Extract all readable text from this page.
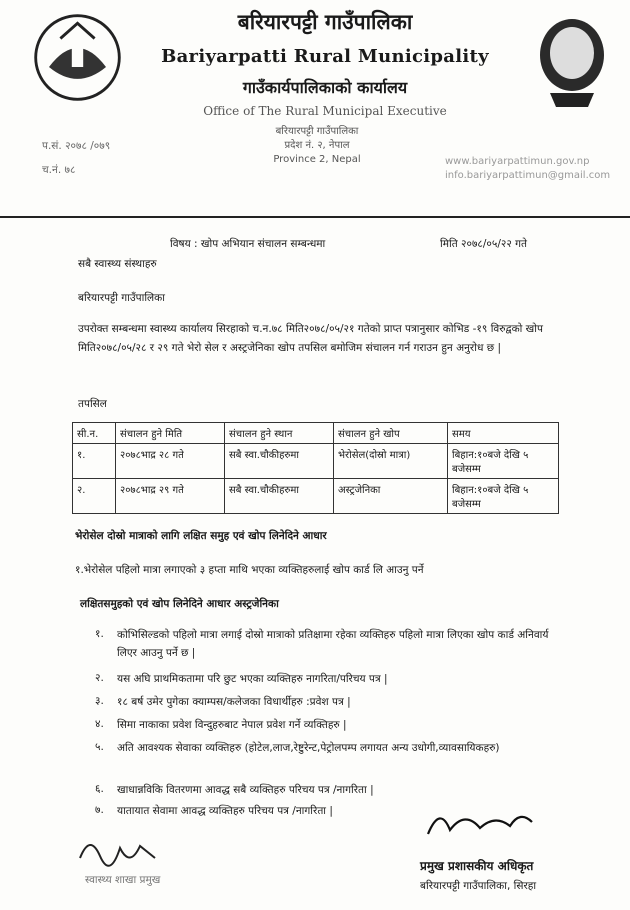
बरियारपट्टी गाउँपालिका
Bariyarpatti Rural Municipality
गाउँकार्यपालिकाको कार्यालय
Office of The Rural Municipal Executive
प.सं. २०७८ /०७९
च.नं. ७८
बरियारपट्टी गाउँपालिका
प्रदेश नं. २, नेपाल
Province 2, Nepal	www.bariyarpattimun.gov.np
info.bariyarpattimun@gmail.com
विषय : खोप अभियान संचालन सम्बन्धमा	मिति २०७८/०५/२२ गते
सबै स्वास्थ्य संस्थाहरु
बरियारपट्टी गाउँपालिका
उपरोक्त सम्बन्धमा स्वास्थ्य कार्यालय सिरहाको च.न.७८ मिति२०७८/०५/२१ गतेको प्राप्त पत्रानुसार कोभिड -१९ विरुद्वको खोप मिति२०७८/०५/२८ र २९ गते भेरो सेल र अस्ट्रजेनिका खोप तपसिल बमोजिम संचालन गर्न गराउन हुन अनुरोध छ |
तपसिल
सी.न.	संचालन हुने मिति	संचालन हुने स्थान	संचालन हुने खोप	समय
१.	२०७८भाद्र २८ गते	सबै स्वा.चौकीहरुमा	भेरोसेल(दोस्रो मात्रा)	बिहान:१०बजे देखि ५ बजेसम्म
२.	२०७८भाद्र २९ गते	सबै स्वा.चौकीहरुमा	अस्ट्रजेनिका	बिहान:१०बजे देखि ५ बजेसम्म
भेरोसेल दोस्रो मात्राको लागि लक्षित समुह एवं खोप लिनेदिने आधार
१.भेरोसेल पहिलो मात्रा लगाएको ३ हप्ता माथि भएका व्यक्तिहरुलाई खोप कार्ड लि आउनु पर्ने
लक्षितसमुहको एवं खोप लिनेदिने आधार अस्ट्रजेनिका
१. कोभिसिल्डको पहिलो मात्रा लगाई दोस्रो मात्राको प्रतिक्षामा रहेका व्यक्तिहरु पहिलो मात्रा लिएका खोप कार्ड अनिवार्य लिएर आउनु पर्ने छ |
२. यस अघि प्राथमिकतामा परि छुट भएका व्यक्तिहरु नागरिता/परिचय पत्र |
३. १८ बर्ष उमेर पुगेका क्याम्पस/कलेजका विधार्थीहरु :प्रवेश पत्र |
४. सिमा नाकाका प्रवेश विन्दुहरुबाट नेपाल प्रवेश गर्ने व्यक्तिहरु |
५. अति आवश्यक सेवाका व्यक्तिहरु (होटेल,लाज,रेष्टुरेन्ट,पेट्रोलपम्प लगायत अन्य उधोगी,व्यावसायिकहरु)
६. खाधान्नविकि वितरणमा आवद्ध सबै व्यक्तिहरु परिचय पत्र /नागरिता |
७. यातायात सेवामा आवद्ध व्यक्तिहरु परिचय पत्र /नागरिता |
स्वास्थ्य शाखा प्रमुख
प्रमुख प्रशासकीय अधिकृत
बरियारपट्टी गाउँपालिका, सिरहा
